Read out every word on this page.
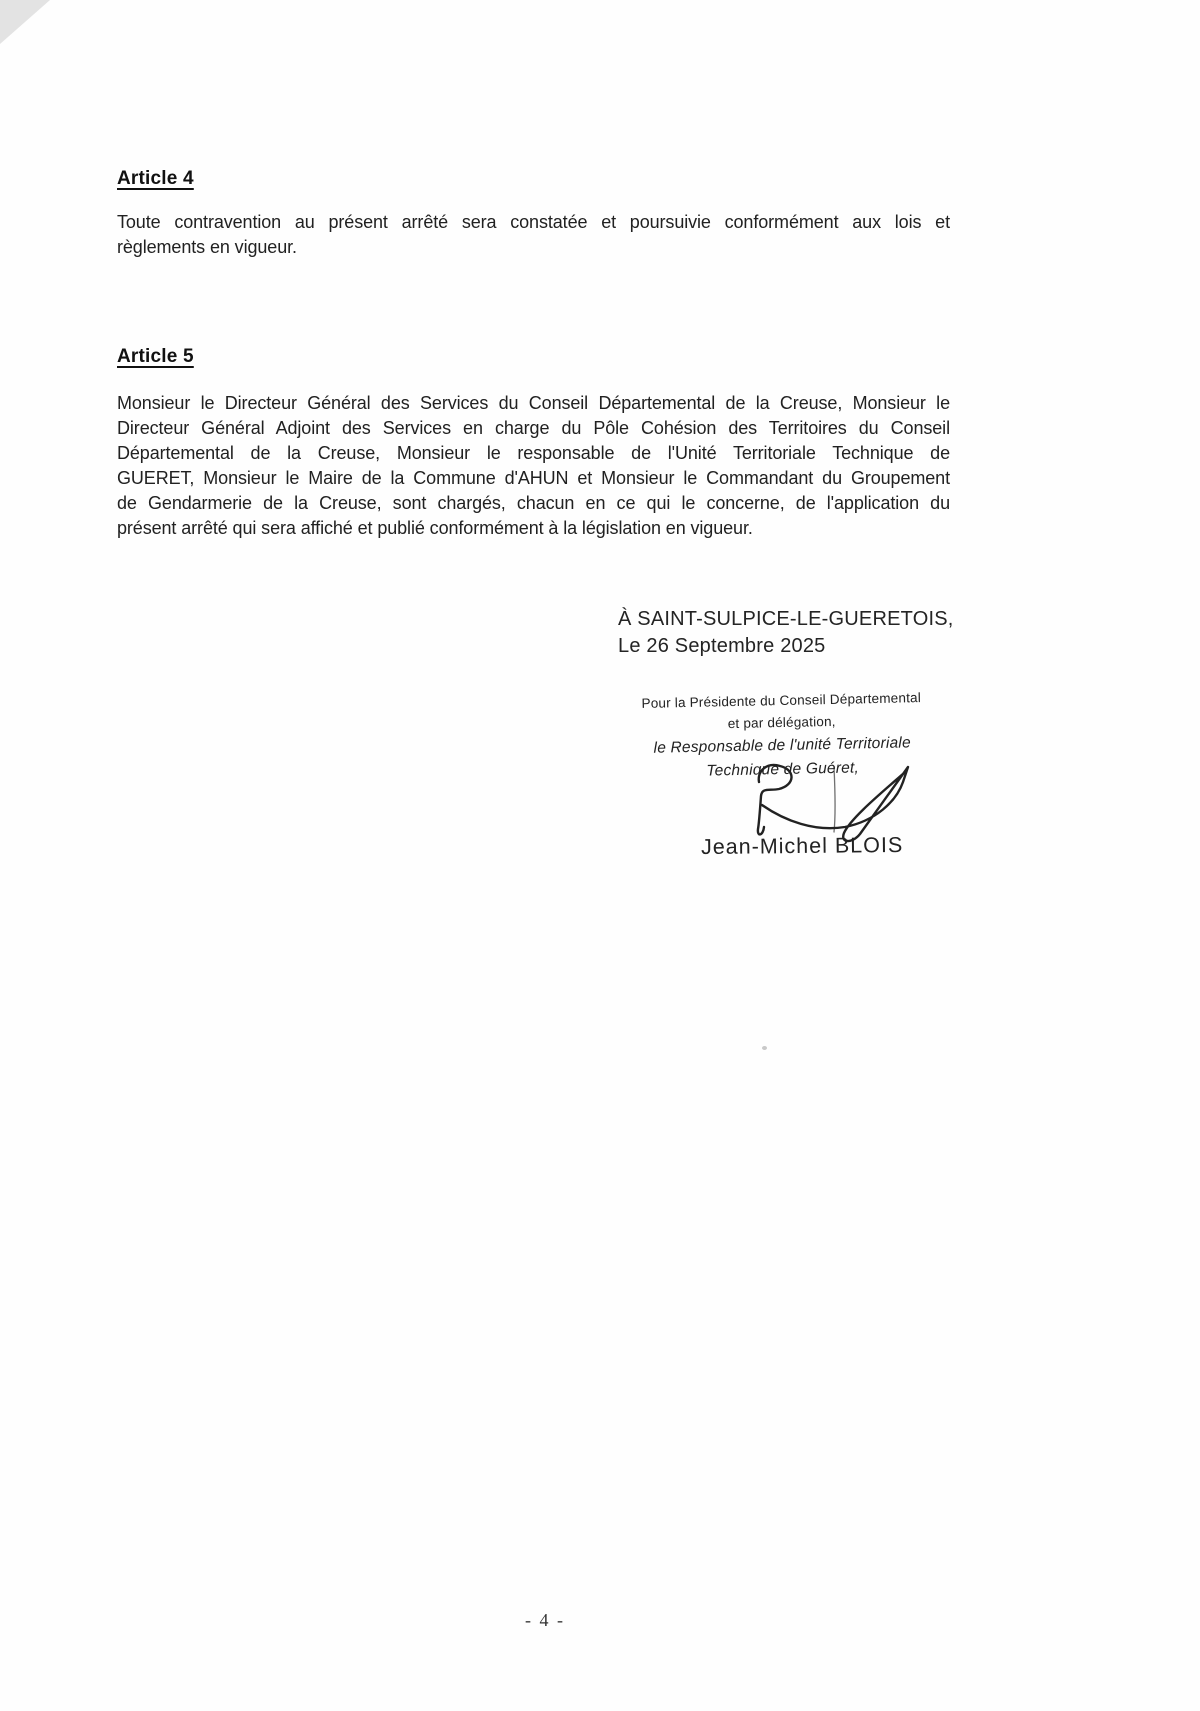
Article 4
Toute contravention au présent arrêté sera constatée et poursuivie conformément aux lois et
règlements en vigueur.
Article 5
Monsieur le Directeur Général des Services du Conseil Départemental de la Creuse, Monsieur le
Directeur Général Adjoint des Services en charge du Pôle Cohésion des Territoires du Conseil
Départemental de la Creuse, Monsieur le responsable de l'Unité Territoriale Technique de
GUERET, Monsieur le Maire de la Commune d'AHUN et Monsieur le Commandant du Groupement
de Gendarmerie de la Creuse, sont chargés, chacun en ce qui le concerne, de l'application du
présent arrêté qui sera affiché et publié conformément à la législation en vigueur.
À SAINT-SULPICE-LE-GUERETOIS,
Le 26 Septembre 2025
Pour la Présidente du Conseil Départemental
et par délégation,
le Responsable de l'unité Territoriale
Technique de Guéret,
Jean-Michel BLOIS
- 4 -
